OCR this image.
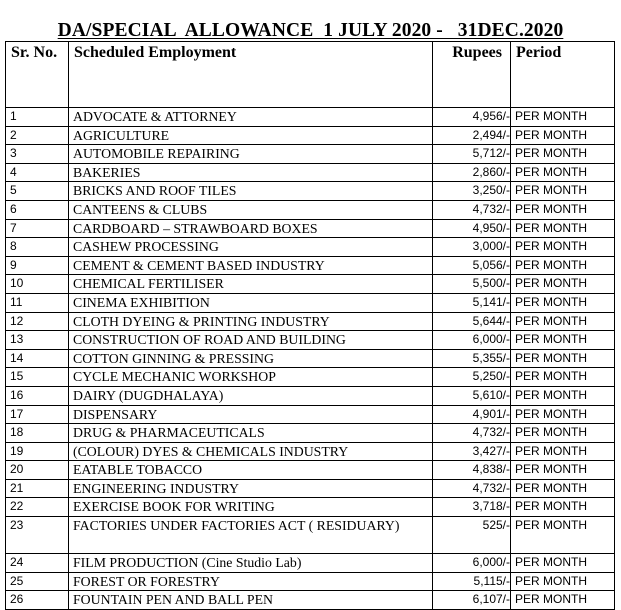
DA/SPECIAL  ALLOWANCE  1 JULY 2020 -   31DEC.2020
Sr. No.	Scheduled Employment	Rupees	Period
1	ADVOCATE & ATTORNEY	4,956/-	PER MONTH
2	AGRICULTURE	2,494/-	PER MONTH
3	AUTOMOBILE REPAIRING	5,712/-	PER MONTH
4	BAKERIES	2,860/-	PER MONTH
5	BRICKS AND ROOF TILES	3,250/-	PER MONTH
6	CANTEENS & CLUBS	4,732/-	PER MONTH
7	CARDBOARD – STRAWBOARD BOXES	4,950/-	PER MONTH
8	CASHEW PROCESSING	3,000/-	PER MONTH
9	CEMENT & CEMENT BASED INDUSTRY	5,056/-	PER MONTH
10	CHEMICAL FERTILISER	5,500/-	PER MONTH
11	CINEMA EXHIBITION	5,141/-	PER MONTH
12	CLOTH DYEING & PRINTING INDUSTRY	5,644/-	PER MONTH
13	CONSTRUCTION OF ROAD AND BUILDING	6,000/-	PER MONTH
14	COTTON GINNING & PRESSING	5,355/-	PER MONTH
15	CYCLE MECHANIC WORKSHOP	5,250/-	PER MONTH
16	DAIRY (DUGDHALAYA)	5,610/-	PER MONTH
17	DISPENSARY	4,901/-	PER MONTH
18	DRUG & PHARMACEUTICALS	4,732/-	PER MONTH
19	(COLOUR) DYES & CHEMICALS INDUSTRY	3,427/-	PER MONTH
20	EATABLE TOBACCO	4,838/-	PER MONTH
21	ENGINEERING INDUSTRY	4,732/-	PER MONTH
22	EXERCISE BOOK FOR WRITING	3,718/-	PER MONTH
23	FACTORIES UNDER FACTORIES ACT ( RESIDUARY)	525/-	PER MONTH
24	FILM PRODUCTION (Cine Studio Lab)	6,000/-	PER MONTH
25	FOREST OR FORESTRY	5,115/-	PER MONTH
26	FOUNTAIN PEN AND BALL PEN	6,107/-	PER MONTH
